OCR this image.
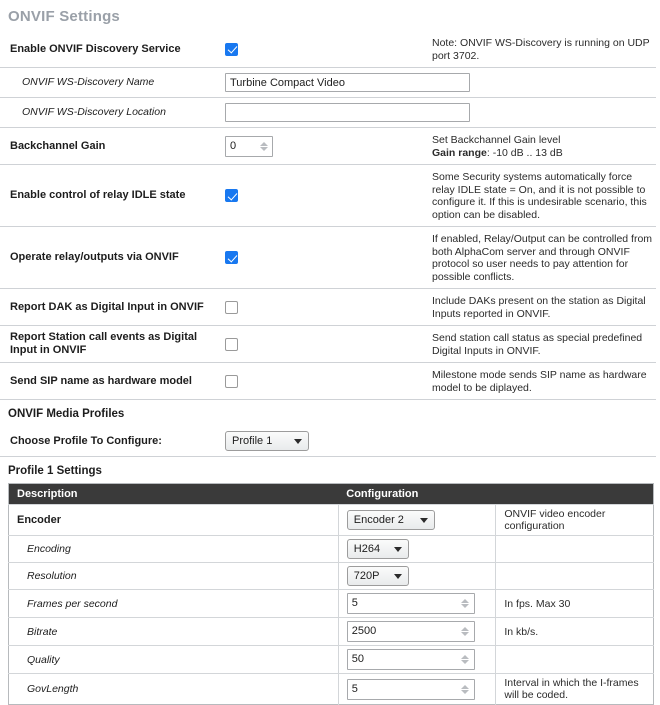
ONVIF Settings
Enable ONVIF Discovery Service		Note: ONVIF WS-Discovery is running on UDP port 3702.

ONVIF WS-Discovery Name	Turbine Compact Video	

ONVIF WS-Discovery Location		

Backchannel Gain	0	Set Backchannel Gain level
Gain range: -10 dB .. 13 dB

Enable control of relay IDLE state		Some Security systems automatically force relay IDLE state = On, and it is not possible to configure it. If this is undesirable scenario, this option can be disabled.

Operate relay/outputs via ONVIF		If enabled, Relay/Output can be controlled from both AlphaCom server and through ONVIF protocol so user needs to pay attention for possible conflicts.

Report DAK as Digital Input in ONVIF		Include DAKs present on the station as Digital Inputs reported in ONVIF.

Report Station call events as Digital Input in ONVIF		Send station call status as special predefined Digital Inputs in ONVIF.

Send SIP name as hardware model		Milestone mode sends SIP name as hardware model to be diplayed.
ONVIF Media Profiles
Choose Profile To Configure:	Profile 1

Profile 1 Settings
Description	Configuration	
Encoder	Encoder 2	ONVIF video encoder configuration
Encoding	H264

Resolution	720P

Frames per second	5	In fps. Max 30
Bitrate	2500	In kb/s.
Quality	50

GovLength	5	Interval in which the I-frames will be coded.
